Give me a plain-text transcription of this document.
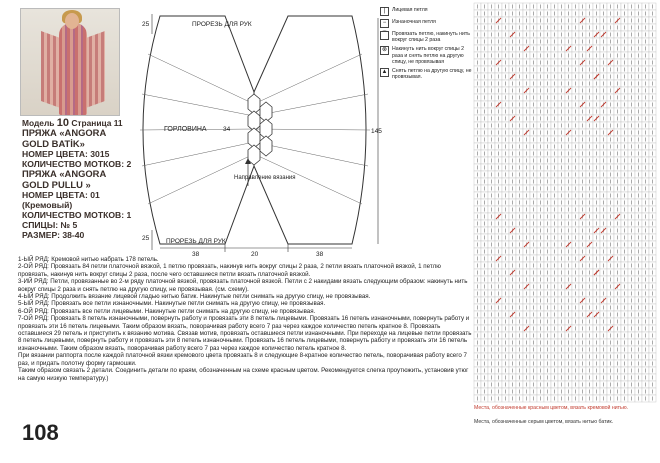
Модель 10 Страница 11
ПРЯЖА «ANGORA GOLD BATİK»
НОМЕР ЦВЕТА: 3015
КОЛИЧЕСТВО МОТКОВ: 2
ПРЯЖА «ANGORA GOLD PULLU »
НОМЕР ЦВЕТА: 01
(Кремовый)
КОЛИЧЕСТВО МОТКОВ: 1
СПИЦЫ: № 5
РАЗМЕР: 38-40
ПРОРЕЗЬ ДЛЯ РУК
25
ГОРЛОВИНА	34
Направление вязания
145
25	ПРОРЕЗЬ ДЛЯ РУК
38	20	38
|	Лицевая петля
−	Изнаночная петля
⌒ Провязать петлю, накинуть нить вокруг спицы 2 раза
⊗ Накинуть нить вокруг спицы 2 раза и снять петлю на другую спицу, не провязывая
▲ Снять петлю на другую спицу, не провязывая.

1-ЫЙ РЯД: Кремовой нитью набрать 178 петель.

2-ОЙ РЯД: Провязать 84 петли платочной вязкой, 1 петлю провязать, накинув нить вокруг спицы 2 раза, 2 петли вязать платочной вязкой, 1 петлю провязать, накинув нить вокруг спицы 2 раза, после чего оставшиеся петли вязать платочной вязкой.

3-ИЙ РЯД: Петли, провязанные во 2-м ряду платочной вязкой, провязать платочной вязкой. Петли с 2 накидами вязать следующим образом: накинуть нить вокруг спицы 2 раза и снять петлю на другую спицу, не провязывая. (см. схему).

4-ЫЙ РЯД: Продолжить вязание лицевой гладью нитью батик. Накинутые петли снимать на другую спицу, не провязывая.

5-ЫЙ РЯД: Провязать все петли изнаночными. Накинутые петли снимать на другую спицу, не провязывая.

6-ОЙ РЯД: Провязать все петли лицевыми. Накинутые петли снимать на другую спицу, не провязывая.

7-ОЙ РЯД: Провязать 8 петель изнаночными, повернуть работу и провязать эти 8 петель лицевыми. Провязать 16 петель изнаночными, повернуть работу и провязать эти 16 петель лицевыми. Таким образом вязать, поворачивая работу всего 7 раз через каждое количество петель кратное 8. Провязать оставшиеся 29 петель и приступить к вязанию мотива. Связав мотив, провязать оставшиеся петли изнаночными. При переходе на лицевые петли провязать 8 петель лицевыми, повернуть работу и провязать эти 8 петель изнаночными. Провязать 16 петель лицевыми, повернуть работу и провязать эти 16 петель изнаночными. Таким образом вязать, поворачивая работу всего 7 раз через каждое количество петель кратное 8.

При вязании раппорта после каждой платочной вязки кремового цвета провязать 8 и следующие 8-кратное количество петель, поворачивая работу всего 7 раз, и придать полотну форму гармошки.

Таким образом связать 2 детали. Соединить детали по краям, обозначенным на схеме красным цветом. Рекомендуется слегка проутюжить, установив утюг на самую низкую температуру.)

Места, обозначенные красным цветом, вязать кремовой нитью.
Места, обозначенные серым цветом, вязать нитью батик.
108
